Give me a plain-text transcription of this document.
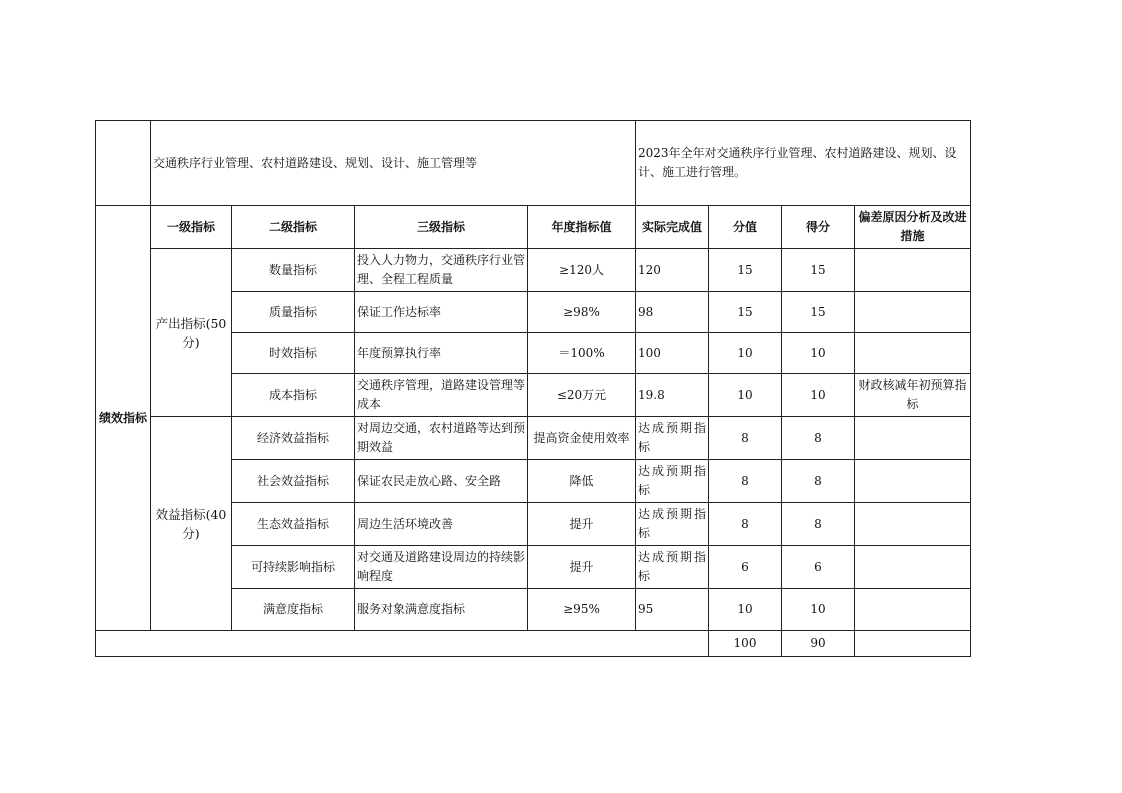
	交通秩序行业管理、农村道路建设、规划、设计、施工管理等				2023年全年对交通秩序行业管理、农村道路建设、规划、设计、施工进行管理。			
绩效指标	一级指标	二级指标	三级指标	年度指标值	实际完成值	分值	得分	偏差原因分析及改进措施
	产出指标(50分)	数量指标	投入人力物力，交通秩序行业管理、全程工程质量	≥120人	120	15	15	
		质量指标	保证工作达标率	≥98%	98	15	15	
		时效指标	年度预算执行率	＝100%	100	10	10	
		成本指标	交通秩序管理，道路建设管理等成本	≤20万元	19.8	10	10	财政核减年初预算指标
	效益指标(40分)	经济效益指标	对周边交通，农村道路等达到预期效益	提高资金使用效率	达成预期指标	8	8	
		社会效益指标	保证农民走放心路、安全路	降低	达成预期指标	8	8	
		生态效益指标	周边生活环境改善	提升	达成预期指标	8	8	
		可持续影响指标	对交通及道路建设周边的持续影响程度	提升	达成预期指标	6	6	
		满意度指标	服务对象满意度指标	≥95%	95	10	10	
						100	90	
